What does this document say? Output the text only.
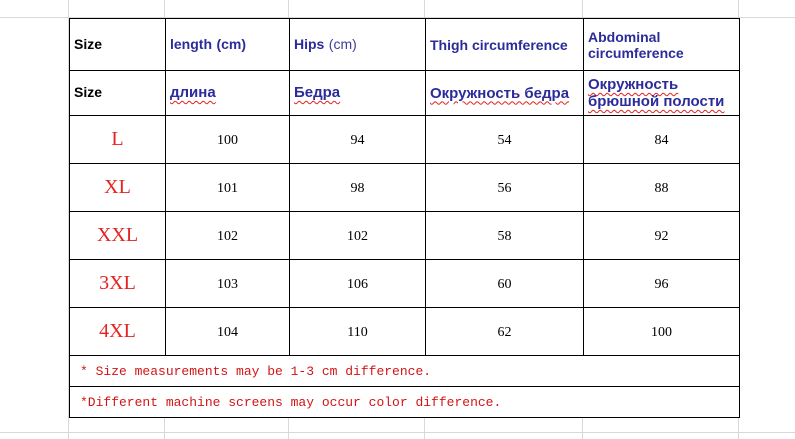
Size	length (cm)	Hips (cm)	Thigh circumference	Abdominal circumference

Size	длина	Бедра	Окружность бедра	Окружность брюшной полости

L	100	94	54	84
XL	101	98	56	88
XXL	102	102	58	92
3XL	103	106	60	96
4XL	104	110	62	100
* Size measurements may be 1-3 cm difference.				
*Different machine screens may occur color difference.				
